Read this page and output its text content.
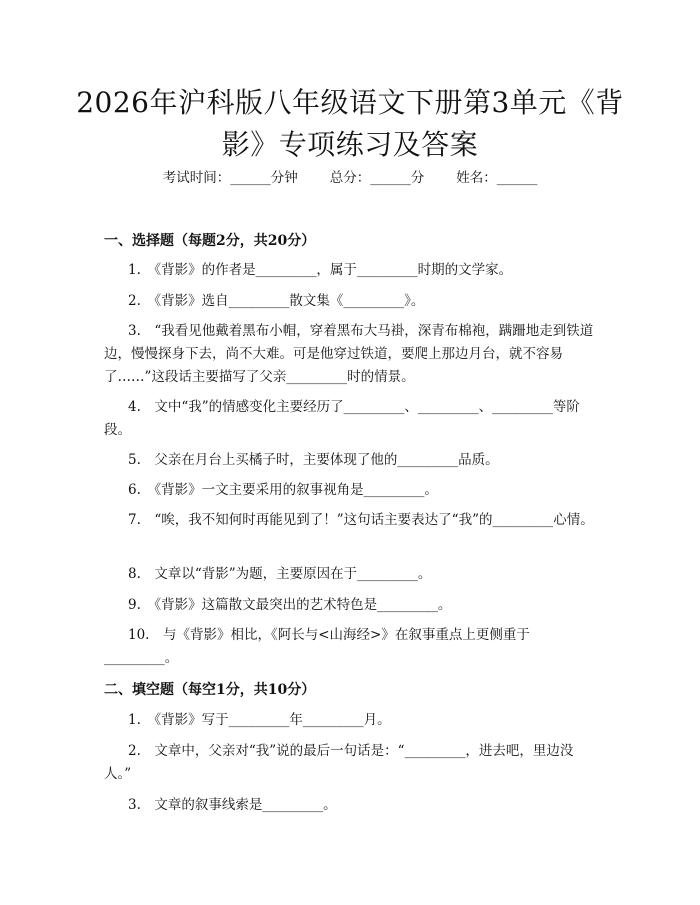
2026年沪科版八年级语文下册第3单元《背影》专项练习及答案
考试时间：______分钟 总分：______分 姓名：______
一、选择题（每题2分，共20分）
1.　《背影》的作者是_________，属于_________时期的文学家。
2.　《背影》选自_________散文集《_________》。
3.　“我看见他戴着黑布小帽，穿着黑布大马褂，深青布棉袍，蹒跚地走到铁道边，慢慢探身下去，尚不大难。可是他穿过铁道，要爬上那边月台，就不容易了……”这段话主要描写了父亲_________时的情景。
4.　文中“我”的情感变化主要经历了_________、_________、_________等阶段。
5.　父亲在月台上买橘子时，主要体现了他的_________品质。
6.　《背影》一文主要采用的叙事视角是_________。
7.　“唉，我不知何时再能见到了！”这句话主要表达了“我”的_________心情。
8.　文章以“背影”为题，主要原因在于_________。
9.　《背影》这篇散文最突出的艺术特色是_________。
10.　与《背影》相比，《阿长与<山海经>》在叙事重点上更侧重于_________。
二、填空题（每空1分，共10分）
1.　《背影》写于_________年_________月。
2.　文章中，父亲对“我”说的最后一句话是：“_________，进去吧，里边没人。”
3.　文章的叙事线索是_________。
